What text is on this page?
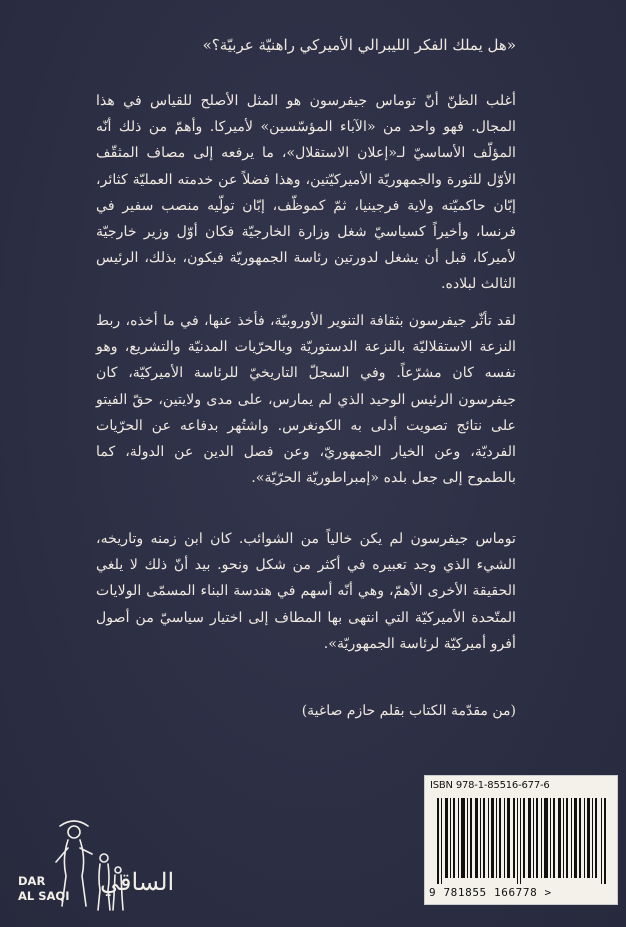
«هل يملك الفكر الليبرالي الأميركي راهنيّة عربيّة؟»
أغلب الظنّ أنّ توماس جيفرسون هو المثل الأصلح للقياس في هذا المجال. فهو واحد من «الآباء المؤسّسين» لأميركا. وأهمّ من ذلك أنّه المؤلّف الأساسيّ لـ«إعلان الاستقلال»، ما يرفعه إلى مصاف المثقّف الأوّل للثورة والجمهوريّة الأميركيّتين، وهذا فضلاً عن خدمته العمليّة كثائر، إبّان حاكميّته ولاية فرجينيا، ثمّ كموظّف، إبّان تولّيه منصب سفير في فرنسا، وأخيراً كسياسيّ شغل وزارة الخارجيّة فكان أوّل وزير خارجيّة لأميركا، قبل أن يشغل لدورتين رئاسة الجمهوريّة فيكون، بذلك، الرئيس الثالث لبلاده.
لقد تأثّر جيفرسون بثقافة التنوير الأوروبيّة، فأخذ عنها، في ما أخذه، ربط النزعة الاستقلاليّة بالنزعة الدستوريّة وبالحرّيات المدنيّة والتشريع، وهو نفسه كان مشرّعاً. وفي السجلّ التاريخيّ للرئاسة الأميركيّة، كان جيفرسون الرئيس الوحيد الذي لم يمارس، على مدى ولايتين، حقّ الفيتو على نتائج تصويت أدلى به الكونغرس. واشتُهر بدفاعه عن الحرّيات الفرديّة، وعن الخيار الجمهوريّ، وعن فصل الدين عن الدولة، كما بالطموح إلى جعل بلده «إمبراطوريّة الحرّيّة».
توماس جيفرسون لم يكن خالياً من الشوائب. كان ابن زمنه وتاريخه، الشيء الذي وجد تعبيره في أكثر من شكل ونحو. بيد أنّ ذلك لا يلغي الحقيقة الأخرى الأهمّ، وهي أنّه أسهم في هندسة البناء المسمّى الولايات المتّحدة الأميركيّة التي انتهى بها المطاف إلى اختيار سياسيّ من أصول أفرو أميركيّة لرئاسة الجمهوريّة».
(من مقدّمة الكتاب بقلم حازم صاغية)
DAR
AL SAQI	الساقي
ISBN 978-1-85516-677-6
9 781855 166778 >
